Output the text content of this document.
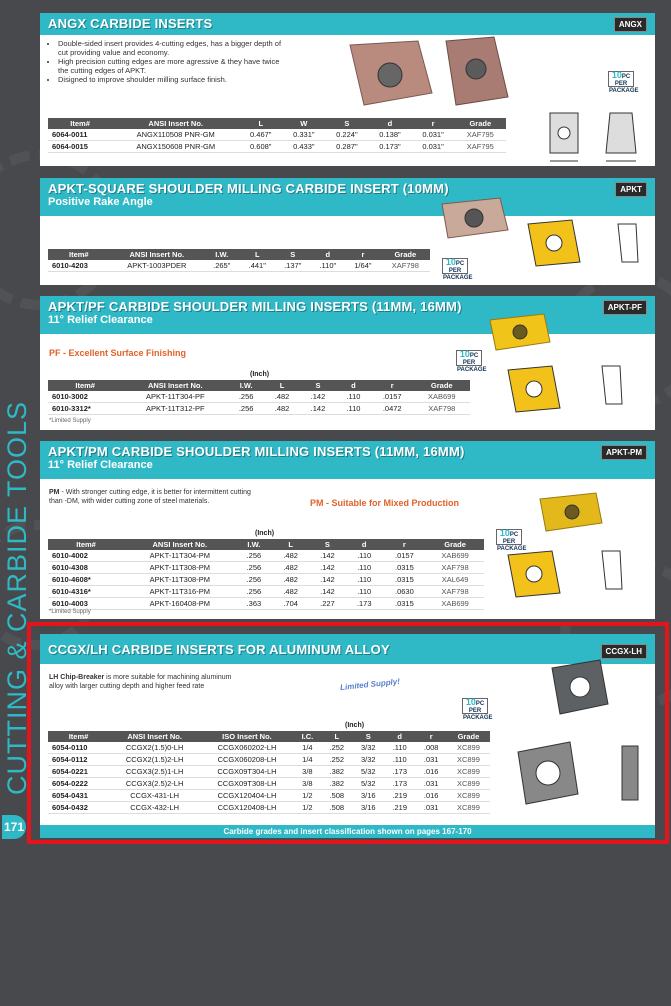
CUTTING & CARBIDE TOOLS
171
ANGX CARBIDE INSERTS	ANGX
• Double-sided insert provides 4-cutting edges, has a bigger depth of cut providing value and economy.
• High precision cutting edges are more agressive & they have twice the cutting edges of APKT.
• Disigned to improve shoulder milling surface finish.	10PC
PER PACKAGE
Item#	ANSI Insert No.	L	W	S	d	r	Grade
6064-0011	ANGX110508 PNR-GM	0.467"	0.331"	0.224"	0.138"	0.031"	XAF795
6064-0015	ANGX150608 PNR-GM	0.608"	0.433"	0.287"	0.173"	0.031"	XAF795
APKT-SQUARE SHOULDER MILLING CARBIDE INSERT (10MM)
Positive Rake Angle
APKT
10PC
PER PACKAGE
Item#	ANSI Insert No.	I.W.	L	S	d	r	Grade
6010-4203	APKT-1003PDER	.265"	.441"	.137"	.110"	1/64"	XAF798
APKT/PF CARBIDE SHOULDER MILLING INSERTS (11MM, 16MM)
11° Relief Clearance
APKT-PF
PF - Excellent Surface Finishing	10PC
PER PACKAGE
(Inch)
Item#	ANSI Insert No.	I.W.	L	S	d	r	Grade
6010-3002	APKT-11T304-PF	.256	.482	.142	.110	.0157	XAB699
6010-3312*	APKT-11T312-PF	.256	.482	.142	.110	.0472	XAF798
*Limited Supply
APKT/PM CARBIDE SHOULDER MILLING INSERTS (11MM, 16MM)
11° Relief Clearance
APKT-PM
PM - With stronger cutting edge, it is better for intermittent cutting than -DM, with wider cutting zone of steel materials.	PM - Suitable for Mixed Production
10PC
PER PACKAGE
(Inch)
Item#	ANSI Insert No.	I.W.	L	S	d	r	Grade
6010-4002	APKT-11T304-PM	.256	.482	.142	.110	.0157	XAB699
6010-4308	APKT-11T308-PM	.256	.482	.142	.110	.0315	XAF798
6010-4608*	APKT-11T308-PM	.256	.482	.142	.110	.0315	XAL649
6010-4316*	APKT-11T316-PM	.256	.482	.142	.110	.0630	XAF798
6010-4003	APKT-160408-PM	.363	.704	.227	.173	.0315	XAB699
*Limited Supply
CCGX/LH CARBIDE INSERTS FOR ALUMINUM ALLOY	CCGX-LH
LH Chip-Breaker is more suitable for machining aluminum alloy with larger cutting depth and higher feed rate	Limited Supply!
10PC
PER PACKAGE
(Inch)
Item#	ANSI Insert No.	ISO Insert No.	I.C.	L	S	d	r	Grade
6054-0110	CCGX2(1.5)0-LH	CCGX060202-LH	1/4	.252	3/32	.110	.008	XC899
6054-0112	CCGX2(1.5)2-LH	CCGX060208-LH	1/4	.252	3/32	.110	.031	XC899
6054-0221	CCGX3(2.5)1-LH	CCGX09T304-LH	3/8	.382	5/32	.173	.016	XC899
6054-0222	CCGX3(2.5)2-LH	CCGX09T308-LH	3/8	.382	5/32	.173	.031	XC899
6054-0431	CCGX-431-LH	CCGX120404-LH	1/2	.508	3/16	.219	.016	XC899
6054-0432	CCGX-432-LH	CCGX120408-LH	1/2	.508	3/16	.219	.031	XC899
Carbide grades and insert classification shown on pages 167-170
